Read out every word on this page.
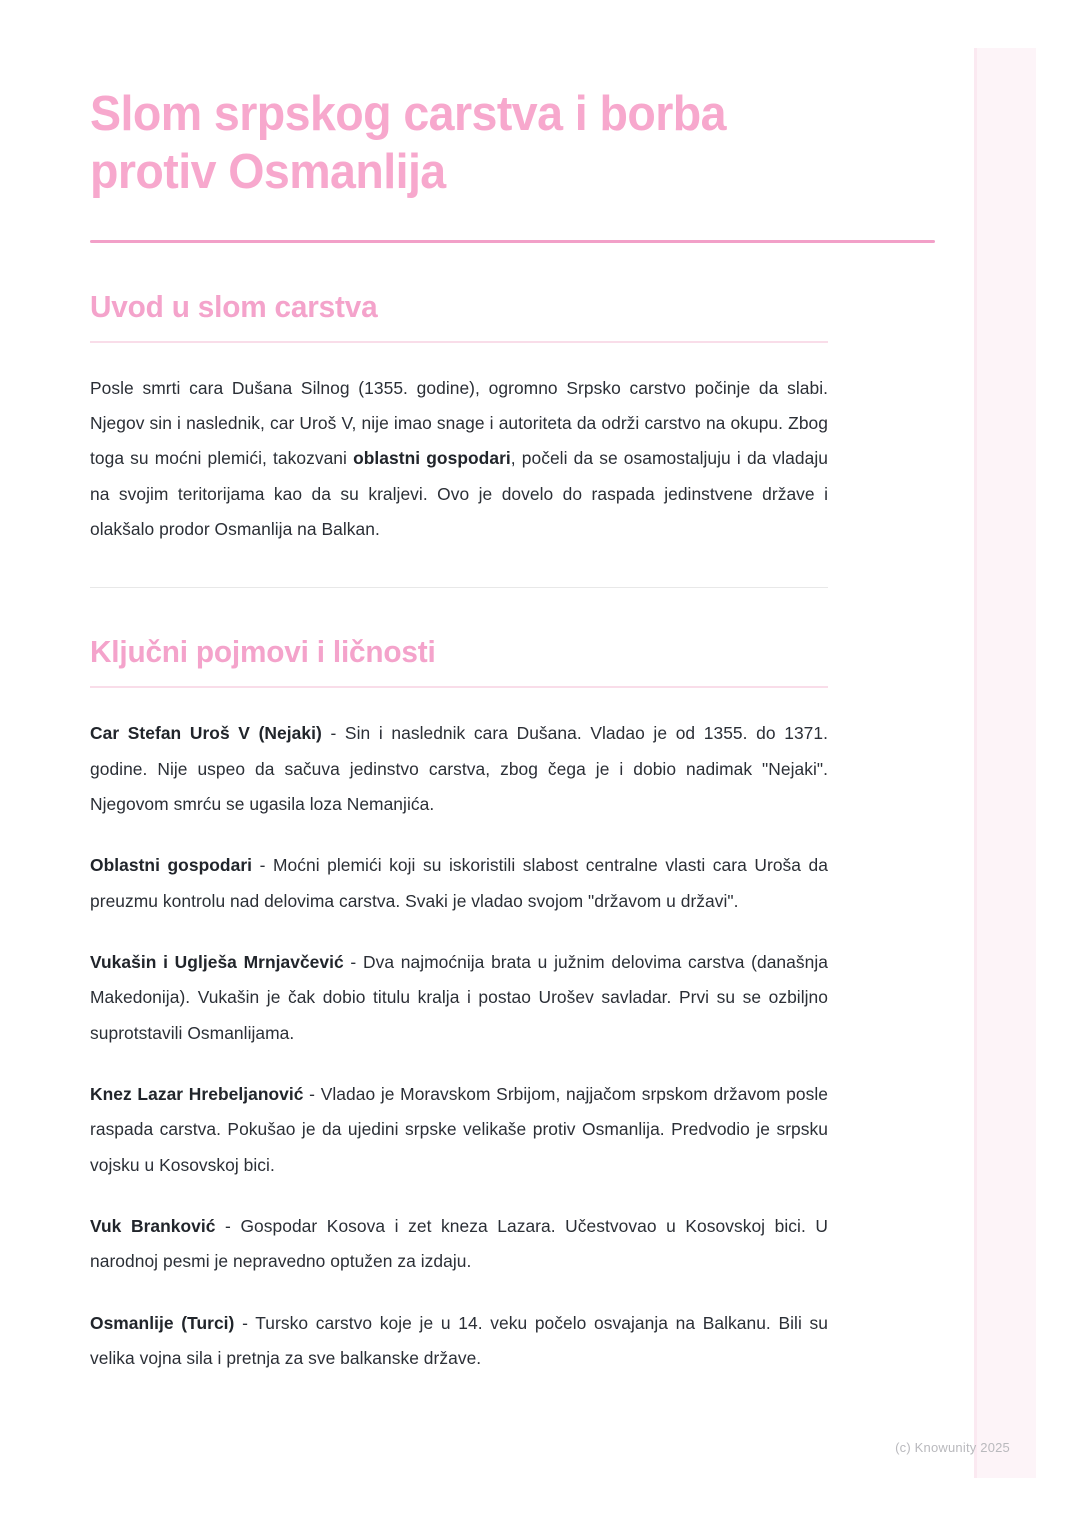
Slom srpskog carstva i borba protiv Osmanlija
Uvod u slom carstva

Posle smrti cara Dušana Silnog (1355. godine), ogromno Srpsko carstvo počinje da slabi. Njegov sin i naslednik, car Uroš V, nije imao snage i autoriteta da održi carstvo na okupu. Zbog toga su moćni plemići, takozvani oblastni gospodari, počeli da se osamostaljuju i da vladaju na svojim teritorijama kao da su kraljevi. Ovo je dovelo do raspada jedinstvene države i olakšalo prodor Osmanlija na Balkan.

Ključni pojmovi i ličnosti

Car Stefan Uroš V (Nejaki) - Sin i naslednik cara Dušana. Vladao je od 1355. do 1371. godine. Nije uspeo da sačuva jedinstvo carstva, zbog čega je i dobio nadimak "Nejaki". Njegovom smrću se ugasila loza Nemanjića.

Oblastni gospodari - Moćni plemići koji su iskoristili slabost centralne vlasti cara Uroša da preuzmu kontrolu nad delovima carstva. Svaki je vladao svojom "državom u državi".

Vukašin i Uglješa Mrnjavčević - Dva najmoćnija brata u južnim delovima carstva (današnja Makedonija). Vukašin je čak dobio titulu kralja i postao Urošev savladar. Prvi su se ozbiljno suprotstavili Osmanlijama.

Knez Lazar Hrebeljanović - Vladao je Moravskom Srbijom, najjačom srpskom državom posle raspada carstva. Pokušao je da ujedini srpske velikaše protiv Osmanlija. Predvodio je srpsku vojsku u Kosovskoj bici.

Vuk Branković - Gospodar Kosova i zet kneza Lazara. Učestvovao u Kosovskoj bici. U narodnoj pesmi je nepravedno optužen za izdaju.

Osmanlije (Turci) - Tursko carstvo koje je u 14. veku počelo osvajanja na Balkanu. Bili su velika vojna sila i pretnja za sve balkanske države.

(c) Knowunity 2025
